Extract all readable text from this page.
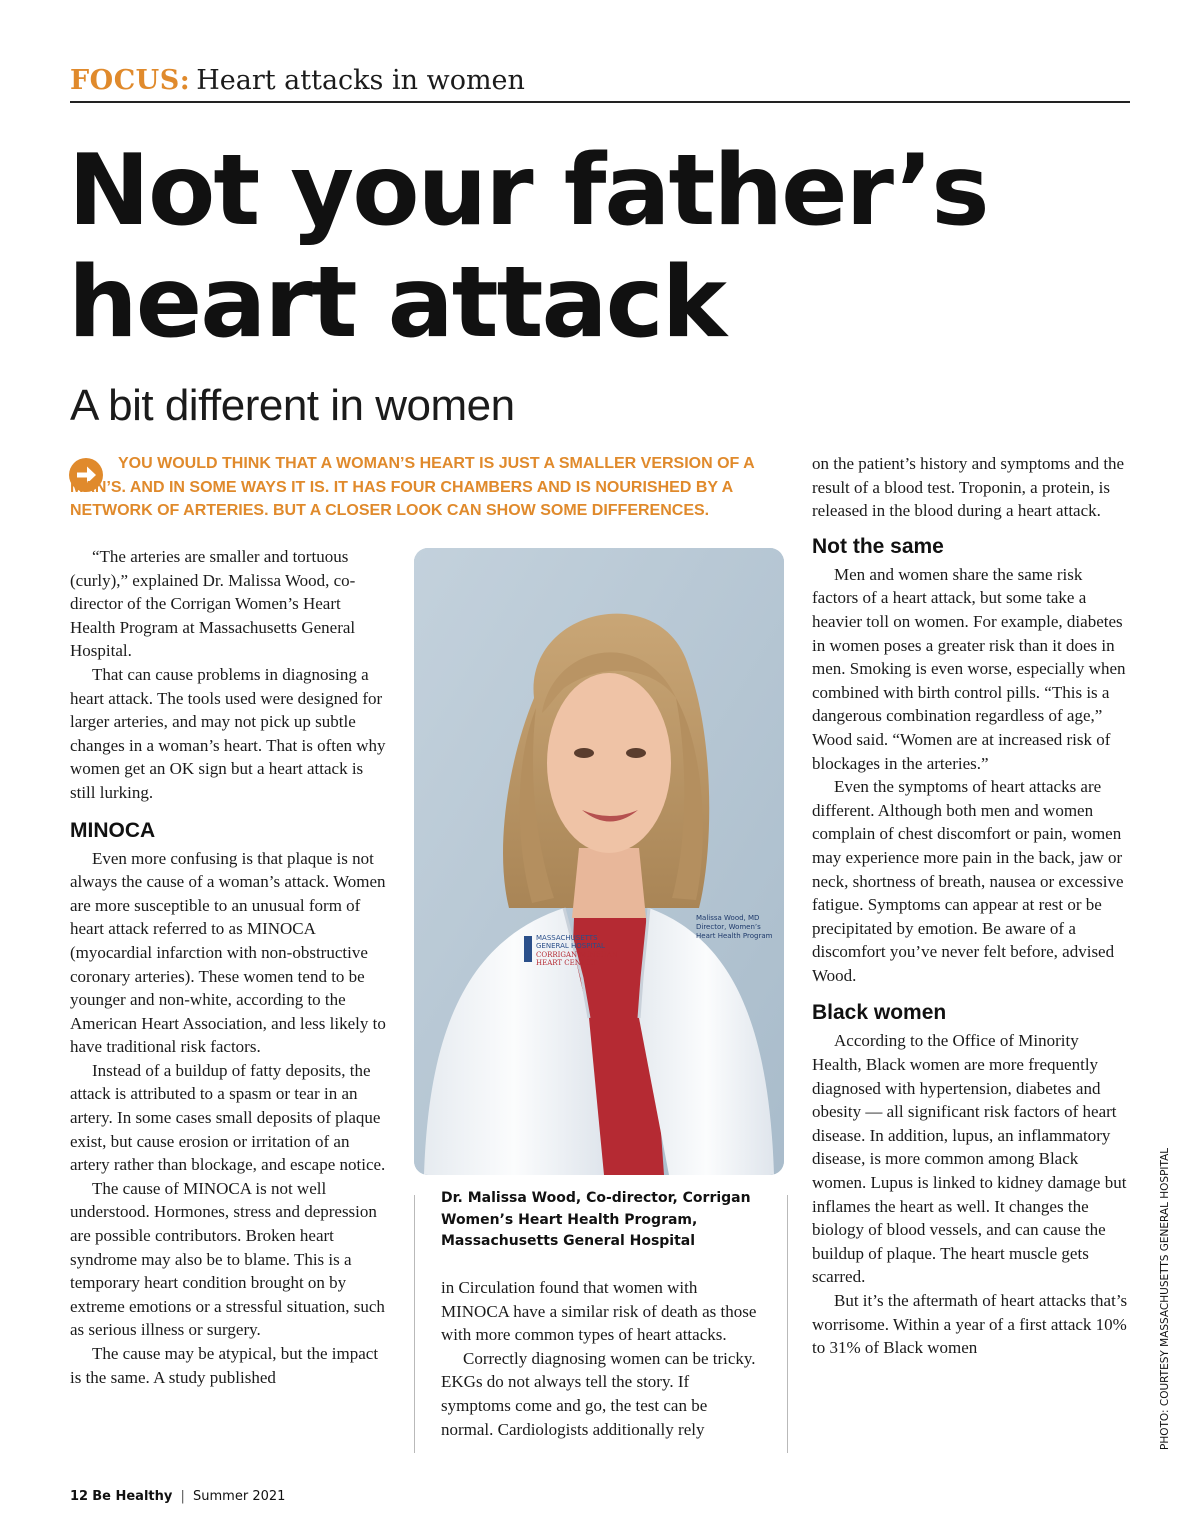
FOCUS: Heart attacks in women
Not your father’s
heart attack
A bit different in women
YOU WOULD THINK THAT A WOMAN’S HEART IS JUST A SMALLER VERSION OF A MAN’S. AND IN SOME WAYS IT IS. IT HAS FOUR CHAMBERS AND IS NOURISHED BY A NETWORK OF ARTERIES. BUT A CLOSER LOOK CAN SHOW SOME DIFFERENCES.

“The arteries are smaller and tortuous (curly),” explained Dr. Malissa Wood, co-director of the Corrigan Women’s Heart Health Program at Massachusetts General Hospital.

That can cause problems in diagnosing a heart attack. The tools used were designed for larger arteries, and may not pick up subtle changes in a woman’s heart. That is often why women get an OK sign but a heart attack is still lurking.

MINOCA

Even more confusing is that plaque is not always the cause of a woman’s attack. Women are more susceptible to an unusual form of heart attack referred to as MINOCA (myocardial infarction with non-obstructive coronary arteries). These women tend to be younger and non-white, according to the American Heart Association, and less likely to have traditional risk factors.

Instead of a buildup of fatty deposits, the attack is attributed to a spasm or tear in an artery. In some cases small deposits of plaque exist, but cause erosion or irritation of an artery rather than blockage, and escape notice.

The cause of MINOCA is not well understood. Hormones, stress and depression are possible contributors. Broken heart syndrome may also be to blame. This is a temporary heart condition brought on by extreme emotions or a stressful situation, such as serious illness or surgery.

The cause may be atypical, but the impact is the same. A study published

MASSACHUSETTS
GENERAL HOSPITAL
CORRIGAN MINEHAN
HEART CENTER
Malissa Wood, MD
Director, Women’s
Heart Health Program
Dr. Malissa Wood, Co-director, Corrigan Women’s Heart Health Program, Massachusetts General Hospital

in Circulation found that women with MINOCA have a similar risk of death as those with more common types of heart attacks.

Correctly diagnosing women can be tricky. EKGs do not always tell the story. If symptoms come and go, the test can be normal. Cardiologists additionally rely

on the patient’s history and symptoms and the result of a blood test. Troponin, a protein, is released in the blood during a heart attack.

Not the same

Men and women share the same risk factors of a heart attack, but some take a heavier toll on women. For example, diabetes in women poses a greater risk than it does in men. Smoking is even worse, especially when combined with birth control pills. “This is a dangerous combination regardless of age,” Wood said. “Women are at increased risk of blockages in the arteries.”

Even the symptoms of heart attacks are different. Although both men and women complain of chest discomfort or pain, women may experience more pain in the back, jaw or neck, shortness of breath, nausea or excessive fatigue. Symptoms can appear at rest or be precipitated by emotion. Be aware of a discomfort you’ve never felt before, advised Wood.

Black women

According to the Office of Minority Health, Black women are more frequently diagnosed with hypertension, diabetes and obesity — all significant risk factors of heart disease. In addition, lupus, an inflammatory disease, is more common among Black women. Lupus is linked to kidney damage but inflames the heart as well. It changes the biology of blood vessels, and can cause the buildup of plaque. The heart muscle gets scarred.

But it’s the aftermath of heart attacks that’s worrisome. Within a year of a first attack 10% to 31% of Black women	PHOTO: COURTESY MASSACHUSETTS GENERAL HOSPITAL
12 Be Healthy | Summer 2021
